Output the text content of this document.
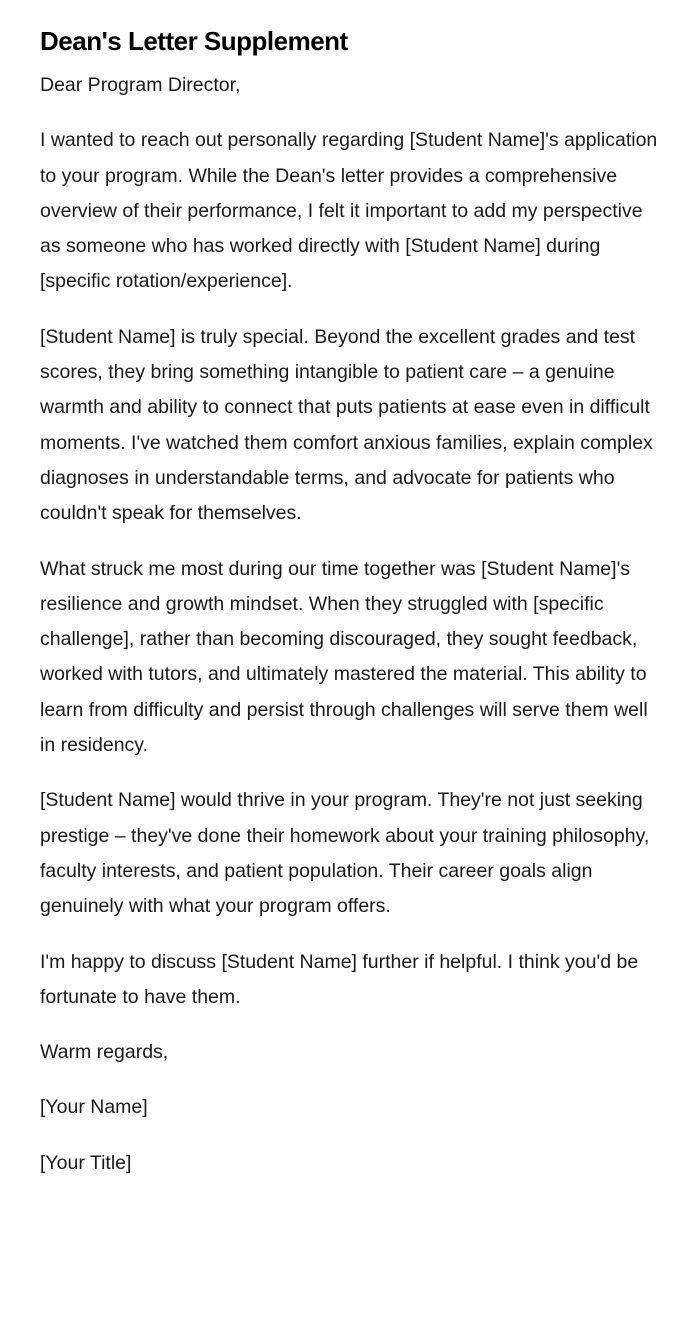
Dean's Letter Supplement

Dear Program Director,

I wanted to reach out personally regarding [Student Name]'s application to your program. While the Dean's letter provides a comprehensive overview of their performance, I felt it important to add my perspective as someone who has worked directly with [Student Name] during [specific rotation/experience].

[Student Name] is truly special. Beyond the excellent grades and test scores, they bring something intangible to patient care – a genuine warmth and ability to connect that puts patients at ease even in difficult moments. I've watched them comfort anxious families, explain complex diagnoses in understandable terms, and advocate for patients who couldn't speak for themselves.

What struck me most during our time together was [Student Name]'s resilience and growth mindset. When they struggled with [specific challenge], rather than becoming discouraged, they sought feedback, worked with tutors, and ultimately mastered the material. This ability to learn from difficulty and persist through challenges will serve them well in residency.

[Student Name] would thrive in your program. They're not just seeking prestige – they've done their homework about your training philosophy, faculty interests, and patient population. Their career goals align genuinely with what your program offers.

I'm happy to discuss [Student Name] further if helpful. I think you'd be fortunate to have them.

Warm regards,

[Your Name]

[Your Title]
